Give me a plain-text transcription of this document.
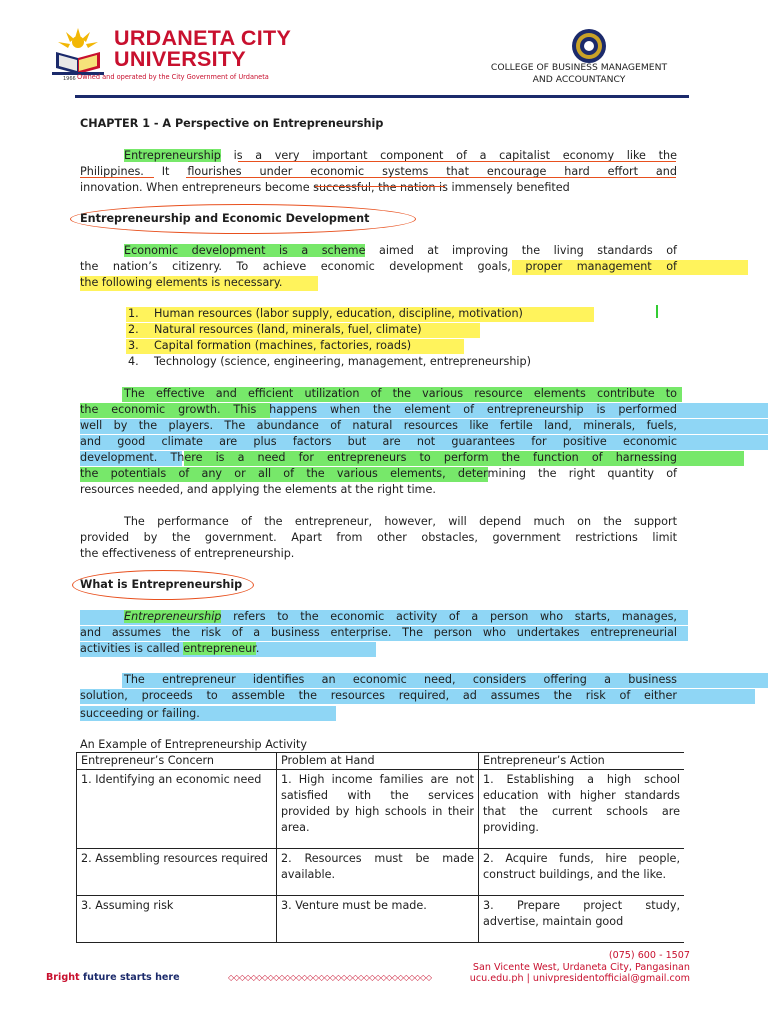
URDANETA CITY
UNIVERSITY
1966 Owned and operated by the City Government of Urdaneta
COLLEGE OF BUSINESS MANAGEMENT
AND ACCOUNTANCY
CHAPTER 1 - A Perspective on Entrepreneurship
Entrepreneurship is a very important component of a capitalist economy like the
Philippines. It flourishes under economic systems that encourage hard effort and
innovation. When entrepreneurs become successful, the nation is immensely benefited
Entrepreneurship and Economic Development
Economic development is a scheme aimed at improving the living standards of
the nation’s citizenry. To achieve economic development goals, proper management of
the following elements is necessary.
1. Human resources (labor supply, education, discipline, motivation)
2. Natural resources (land, minerals, fuel, climate)
3. Capital formation (machines, factories, roads)
4. Technology (science, engineering, management, entrepreneurship)
The effective and efficient utilization of the various resource elements contribute to
the economic growth. This happens when the element of entrepreneurship is performed
well by the players. The abundance of natural resources like fertile land, minerals, fuels,
and good climate are plus factors but are not guarantees for positive economic
development. There is a need for entrepreneurs to perform the function of harnessing
the potentials of any or all of the various elements, determining the right quantity of
resources needed, and applying the elements at the right time.
The performance of the entrepreneur, however, will depend much on the support
provided by the government. Apart from other obstacles, government restrictions limit
the effectiveness of entrepreneurship.
What is Entrepreneurship
Entrepreneurship refers to the economic activity of a person who starts, manages,
and assumes the risk of a business enterprise. The person who undertakes entrepreneurial
activities is called entrepreneur.
The entrepreneur identifies an economic need, considers offering a business
solution, proceeds to assemble the resources required, ad assumes the risk of either
succeeding or failing.
An Example of Entrepreneurship Activity
Entrepreneur’s Concern	Problem at Hand	Entrepreneur’s Action
1. Identifying an economic need	1. High income families are not satisfied with the services provided by high schools in their area.	1. Establishing a high school education with higher standards that the current schools are providing.
2. Assembling resources required	2. Resources must be made available.	2. Acquire funds, hire people, construct buildings, and the like.
3. Assuming risk	3. Venture must be made.	3. Prepare project study, advertise, maintain good
Bright future starts here	◇◇◇◇◇◇◇◇◇◇◇◇◇◇◇◇◇◇◇◇◇◇◇◇◇◇◇◇◇◇◇◇◇◇◇◇
(075) 600 - 1507
San Vicente West, Urdaneta City, Pangasinan
ucu.edu.ph | univpresidentofficial@gmail.com
